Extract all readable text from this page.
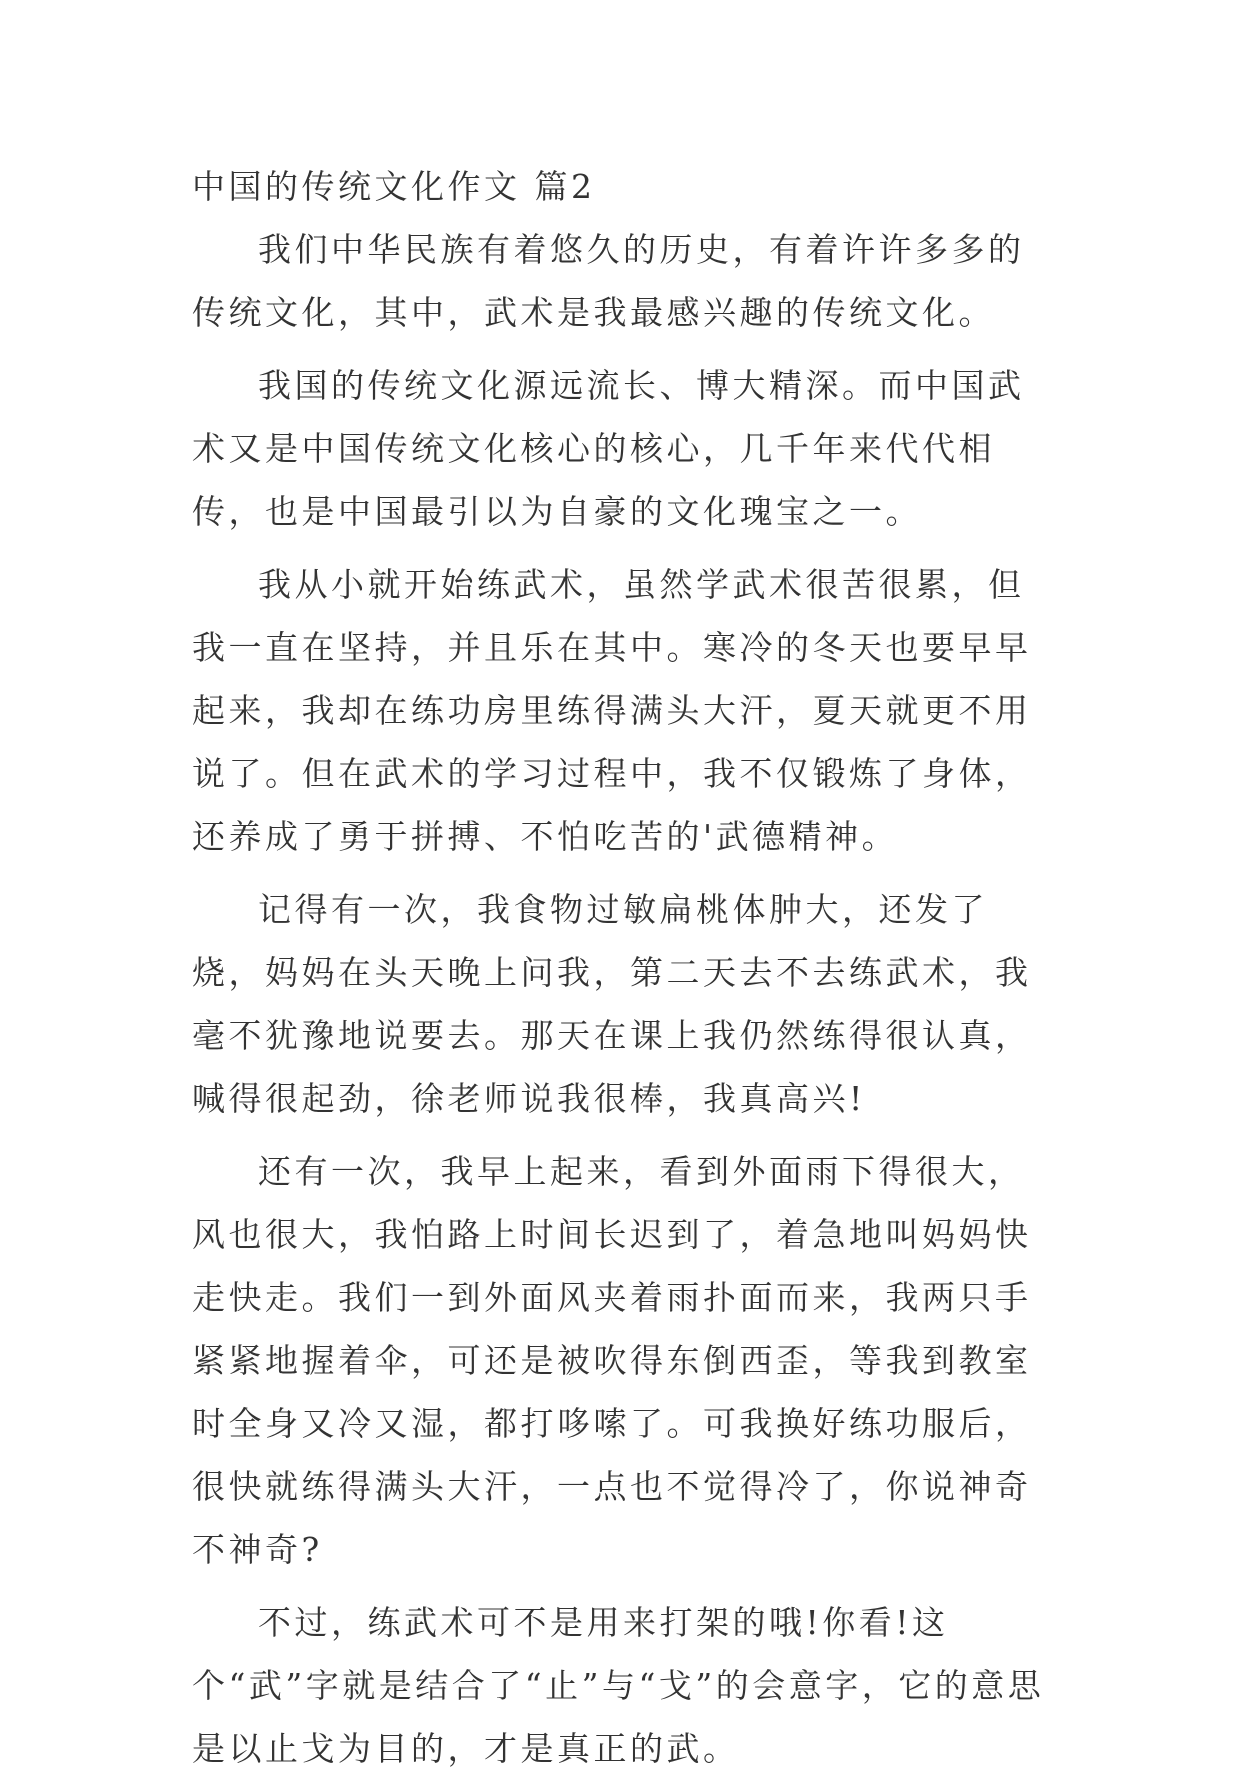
中国的传统文化作文 篇2

我们中华民族有着悠久的历史，有着许许多多的传统文化，其中，武术是我最感兴趣的传统文化。

我国的传统文化源远流长、博大精深。而中国武术又是中国传统文化核心的核心，几千年来代代相传，也是中国最引以为自豪的文化瑰宝之一。

我从小就开始练武术，虽然学武术很苦很累，但我一直在坚持，并且乐在其中。寒冷的冬天也要早早起来，我却在练功房里练得满头大汗，夏天就更不用说了。但在武术的学习过程中，我不仅锻炼了身体，还养成了勇于拼搏、不怕吃苦的'武德精神。

记得有一次，我食物过敏扁桃体肿大，还发了烧，妈妈在头天晚上问我，第二天去不去练武术，我毫不犹豫地说要去。那天在课上我仍然练得很认真，喊得很起劲，徐老师说我很棒，我真高兴!

还有一次，我早上起来，看到外面雨下得很大，风也很大，我怕路上时间长迟到了，着急地叫妈妈快走快走。我们一到外面风夹着雨扑面而来，我两只手紧紧地握着伞，可还是被吹得东倒西歪，等我到教室时全身又冷又湿，都打哆嗦了。可我换好练功服后，很快就练得满头大汗，一点也不觉得冷了，你说神奇不神奇?

不过，练武术可不是用来打架的哦!你看!这个“武”字就是结合了“止”与“戈”的会意字，它的意思是以止戈为目的，才是真正的武。
